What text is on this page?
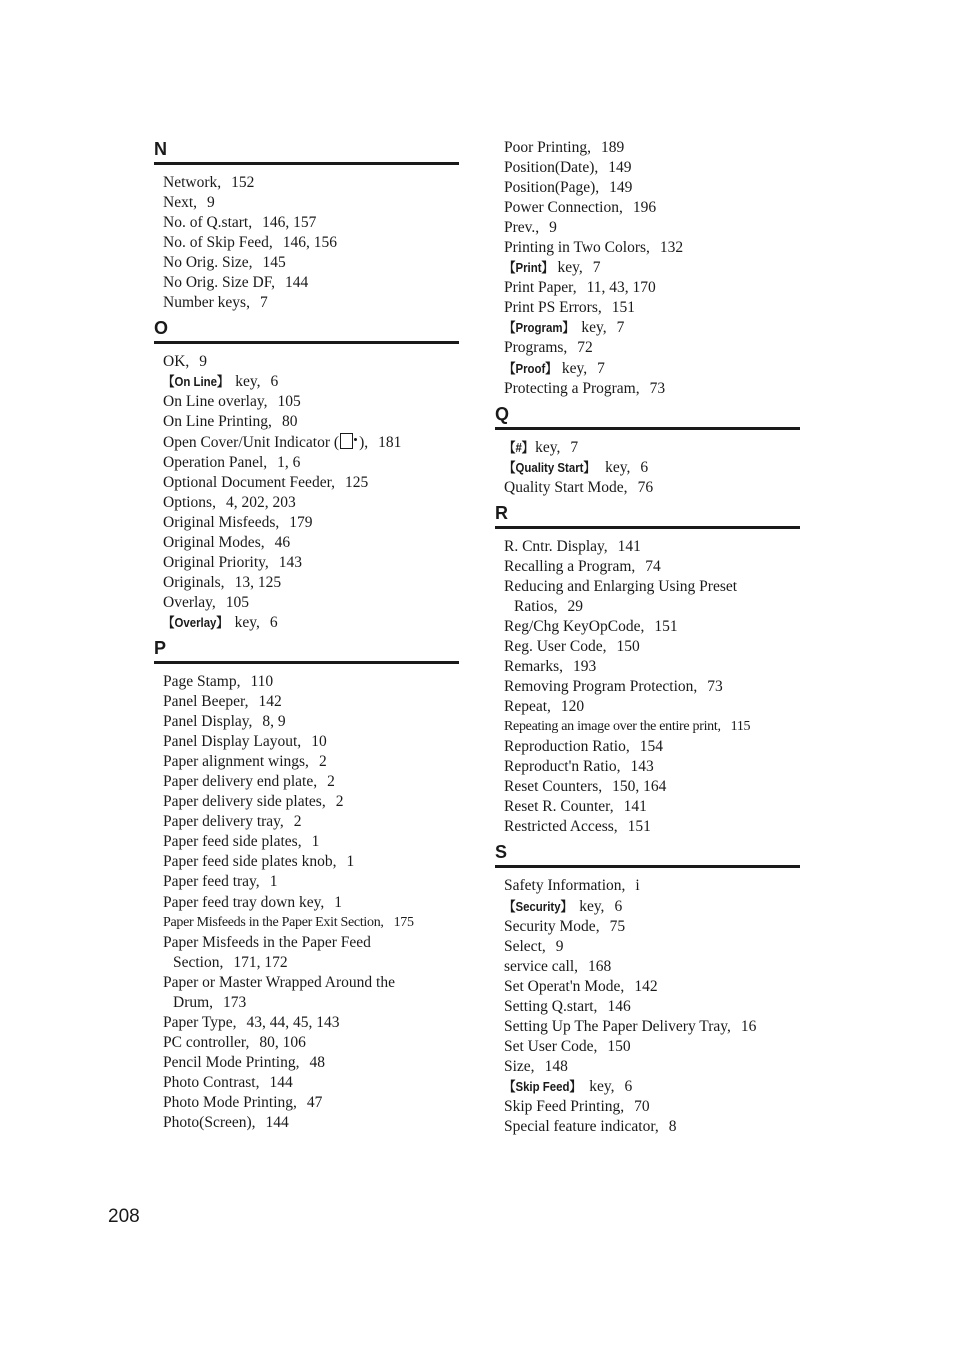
N
Network, 152
Next, 9
No. of Q.start, 146, 157
No. of Skip Feed, 146, 156
No Orig. Size, 145
No Orig. Size DF, 144
Number keys, 7
O
OK, 9
【On Line】 key, 6
On Line overlay, 105
On Line Printing, 80
Open Cover/Unit Indicator ( ), 181
Operation Panel, 1, 6
Optional Document Feeder, 125
Options, 4, 202, 203
Original Misfeeds, 179
Original Modes, 46
Original Priority, 143
Originals, 13, 125
Overlay, 105
【Overlay】 key, 6
P
Page Stamp, 110
Panel Beeper, 142
Panel Display, 8, 9
Panel Display Layout, 10
Paper alignment wings, 2
Paper delivery end plate, 2
Paper delivery side plates, 2
Paper delivery tray, 2
Paper feed side plates, 1
Paper feed side plates knob, 1
Paper feed tray, 1
Paper feed tray down key, 1
Paper Misfeeds in the Paper Exit Section, 175
Paper Misfeeds in the Paper Feed Section, 171, 172
Paper or Master Wrapped Around the Drum, 173
Paper Type, 43, 44, 45, 143
PC controller, 80, 106
Pencil Mode Printing, 48
Photo Contrast, 144
Photo Mode Printing, 47
Photo(Screen), 144
Poor Printing, 189
Position(Date), 149
Position(Page), 149
Power Connection, 196
Prev., 9
Printing in Two Colors, 132
【Print】 key, 7
Print Paper, 11, 43, 170
Print PS Errors, 151
【Program】 key, 7
Programs, 72
【Proof】 key, 7
Protecting a Program, 73
Q
【#】 key, 7
【Quality Start】 key, 6
Quality Start Mode, 76
R
R. Cntr. Display, 141
Recalling a Program, 74
Reducing and Enlarging Using Preset Ratios, 29
Reg/Chg KeyOpCode, 151
Reg. User Code, 150
Remarks, 193
Removing Program Protection, 73
Repeat, 120
Repeating an image over the entire print, 115
Reproduction Ratio, 154
Reproduct'n Ratio, 143
Reset Counters, 150, 164
Reset R. Counter, 141
Restricted Access, 151
S
Safety Information, i
【Security】 key, 6
Security Mode, 75
Select, 9
service call, 168
Set Operat'n Mode, 142
Setting Q.start, 146
Setting Up The Paper Delivery Tray, 16
Set User Code, 150
Size, 148
【Skip Feed】 key, 6
Skip Feed Printing, 70
Special feature indicator, 8
208
